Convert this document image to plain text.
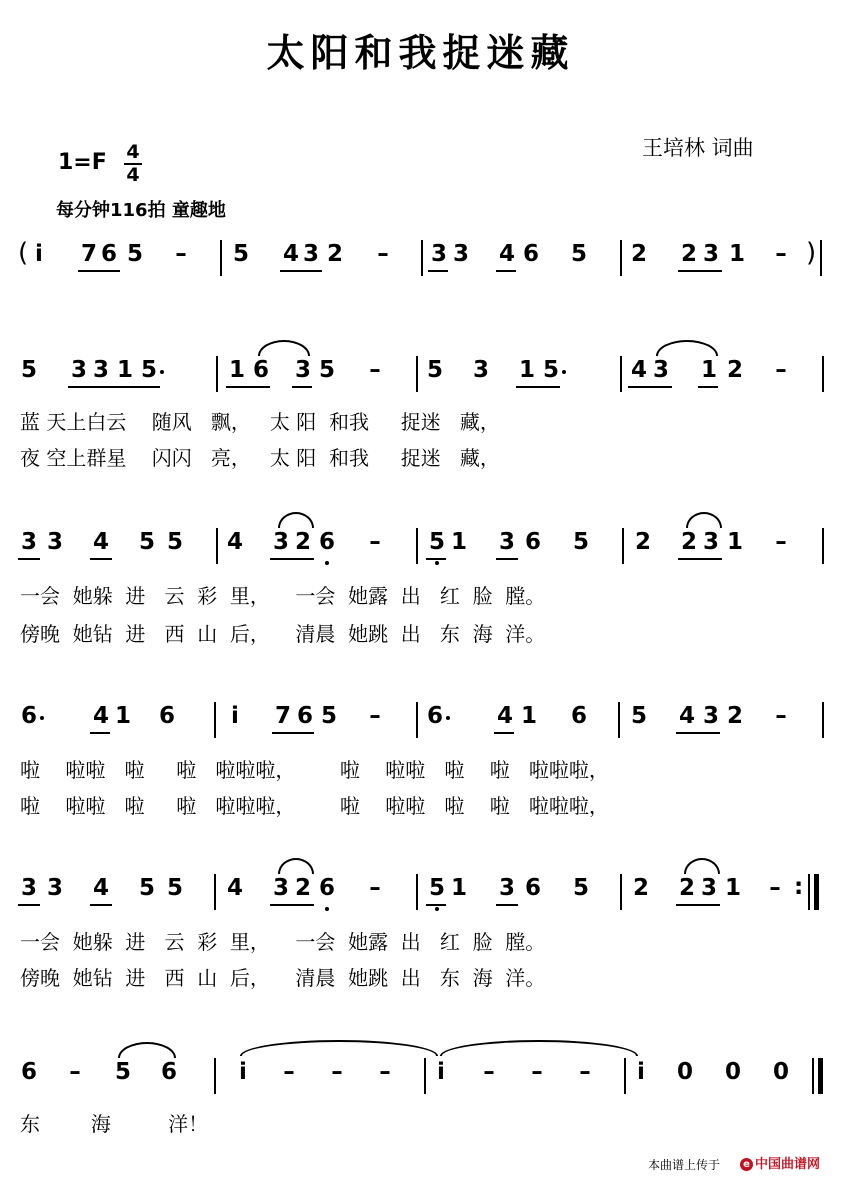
太阳和我捉迷藏
王培林 词曲
$1=F \frac{4}{4}$
每分钟116拍 童趣地
( i	7 6 5 – 5 4 3 2 – 3 3 4 6 5 2 2 3 1 – )
5 3 3 1 5	1 6 3 5 – 5 3 1 5	4 3 1 2 –
蓝 天上白云    随风   飘，   太 阳  和我     捉迷   藏，
夜 空上群星    闪闪   亮，   太 阳  和我     捉迷   藏，
3 3 4 5 5 4 3 2 6 – 5 1 3 6 5 2 2 3 1 –
一会  她躲  进   云  彩  里，    一会  她露  出   红  脸  膛。
傍晚  她钻  进   西  山  后，    清晨  她跳  出   东  海  洋。
6 4 1 6	i	7 6 5 – 6 4 1 6 5 4 3 2 –
啦    啦啦   啦     啦   啦啦啦，       啦    啦啦   啦    啦   啦啦啦，
啦    啦啦   啦     啦   啦啦啦，       啦    啦啦   啦    啦   啦啦啦，
3 3 4 5 5 4 3 2 6 – 5 1 3 6 5 2 2 3 1 – :
一会  她躲  进   云  彩  里，    一会  她露  出   红  脸  膛。
傍晚  她钻  进   西  山  后，    清晨  她跳  出   东  海  洋。
6 – 5 6	i	– – –	i	– – –	i	0 0 0
东        海         洋！
本曲谱上传于	e 中国曲谱网
